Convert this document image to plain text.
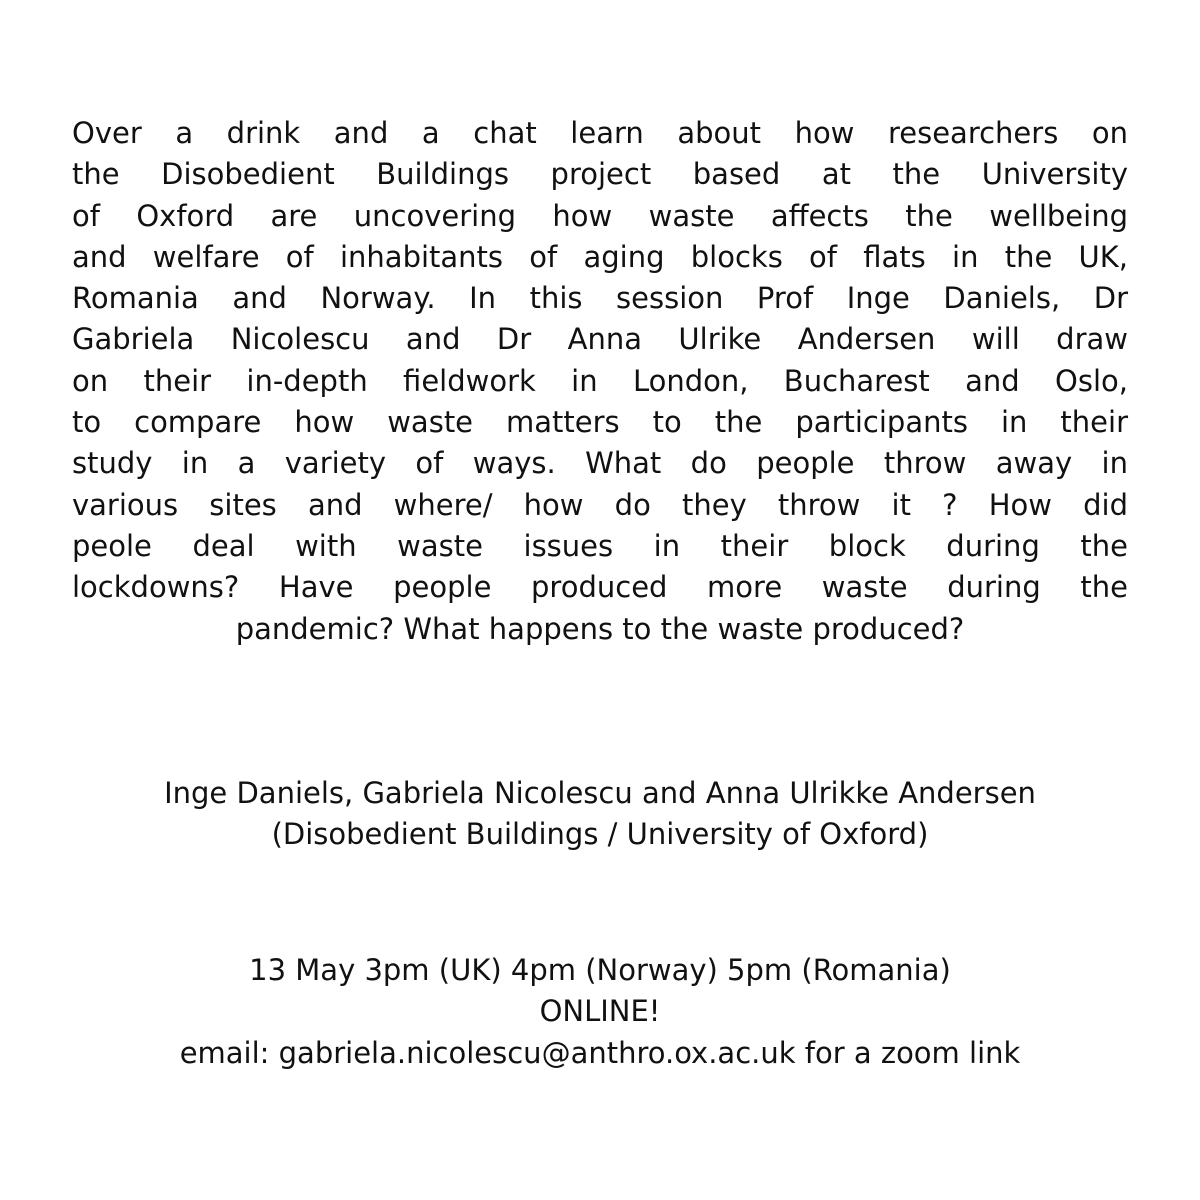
Over a drink and a chat learn about how researchers on
the Disobedient Buildings project based at the University
of Oxford are uncovering how waste affects the wellbeing
and welfare of inhabitants of aging blocks of flats in the UK,
Romania and Norway. In this session Prof Inge Daniels, Dr
Gabriela Nicolescu and Dr Anna Ulrike Andersen will draw
on their in-depth fieldwork in London, Bucharest and Oslo,
to compare how waste matters to the participants in their
study in a variety of ways. What do people throw away in
various sites and where/ how do they throw it ? How did
peole deal with waste issues in their block during the
lockdowns? Have people produced more waste during the
pandemic? What happens to the waste produced?

Inge Daniels, Gabriela Nicolescu and Anna Ulrikke Andersen
(Disobedient Buildings / University of Oxford)

13 May 3pm (UK) 4pm (Norway) 5pm (Romania)
ONLINE!
email: gabriela.nicolescu@anthro.ox.ac.uk for a zoom link
